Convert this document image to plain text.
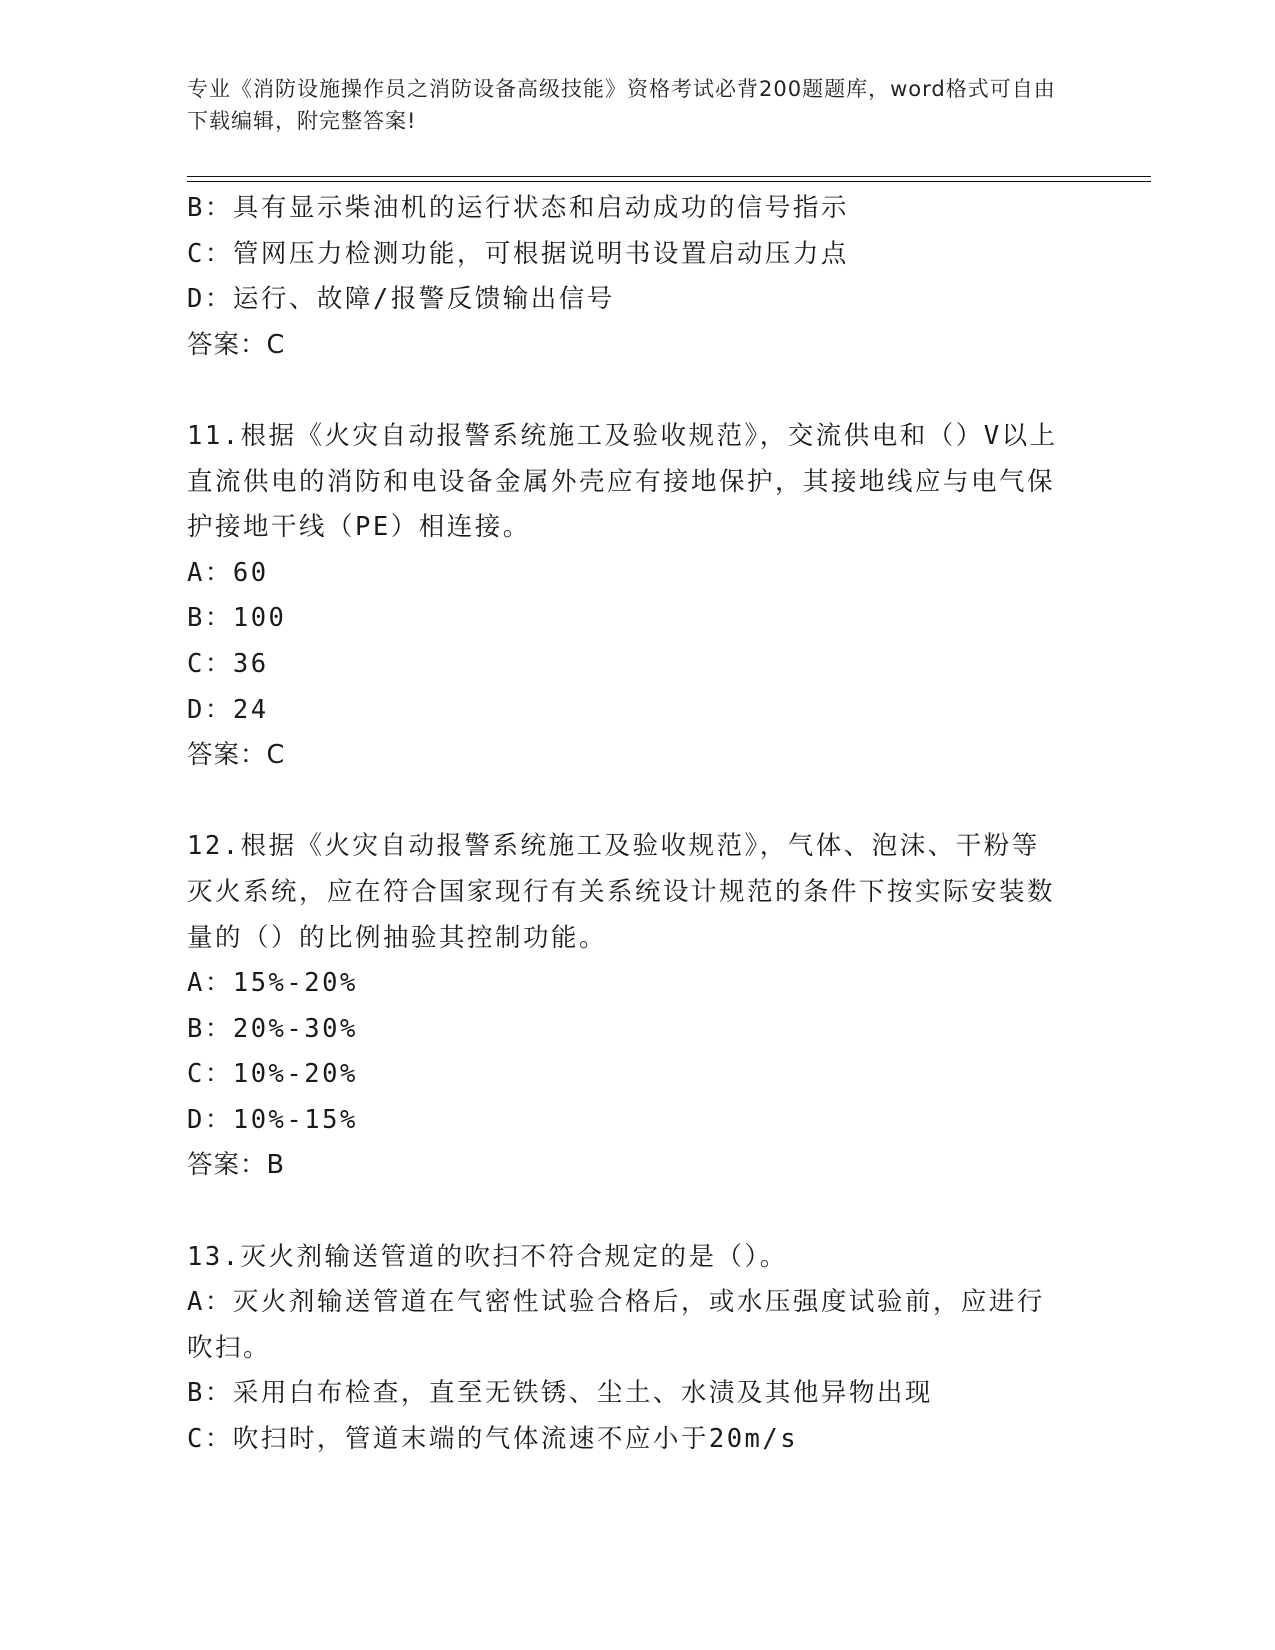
专业《消防设施操作员之消防设备高级技能》资格考试必背200题题库，word格式可自由下载编辑，附完整答案!

B：具有显示柴油机的运行状态和启动成功的信号指示

C：管网压力检测功能，可根据说明书设置启动压力点

D：运行、故障/报警反馈输出信号

答案：C

11.根据《火灾自动报警系统施工及验收规范》，交流供电和（）V以上直流供电的消防和电设备金属外壳应有接地保护，其接地线应与电气保护接地干线（PE）相连接。

A：60

B：100

C：36

D：24

答案：C

12.根据《火灾自动报警系统施工及验收规范》，气体、泡沫、干粉等灭火系统，应在符合国家现行有关系统设计规范的条件下按实际安装数量的（）的比例抽验其控制功能。

A：15%-20%

B：20%-30%

C：10%-20%

D：10%-15%

答案：B

13.灭火剂输送管道的吹扫不符合规定的是（）。

A：灭火剂输送管道在气密性试验合格后，或水压强度试验前，应进行吹扫。

B：采用白布检查，直至无铁锈、尘土、水渍及其他异物出现

C：吹扫时，管道末端的气体流速不应小于20m/s
